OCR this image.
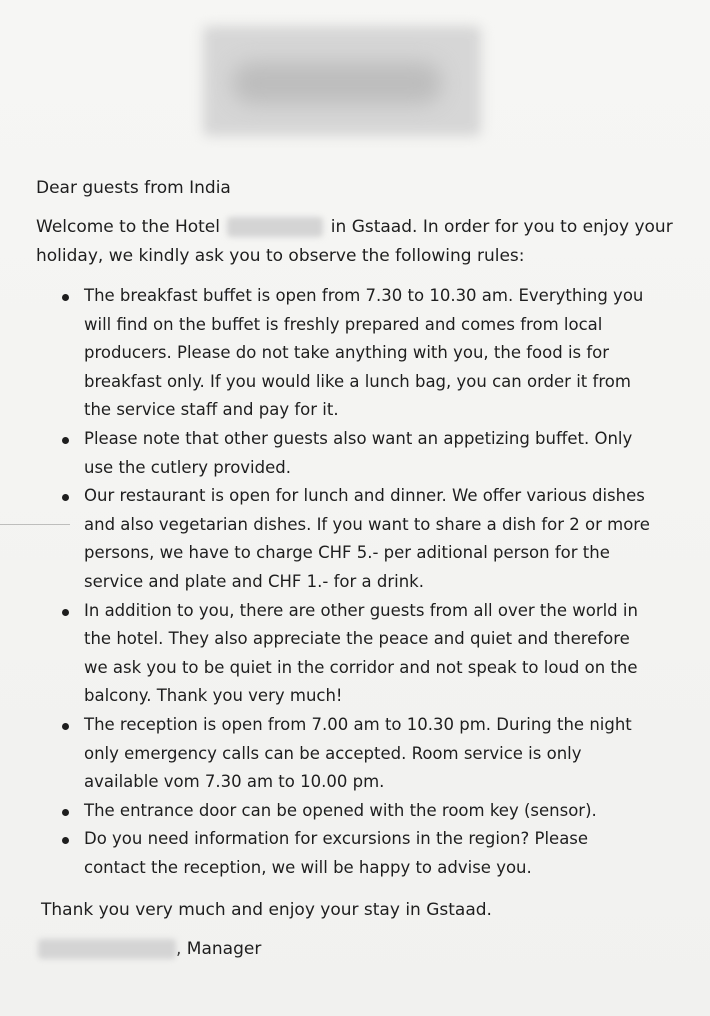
Dear guests from India
Welcome to the Hotel	in Gstaad. In order for you to enjoy your holiday, we kindly ask you to observe the following rules:
The breakfast buffet is open from 7.30 to 10.30 am. Everything you will find on the buffet is freshly prepared and comes from local producers. Please do not take anything with you, the food is for breakfast only. If you would like a lunch bag, you can order it from the service staff and pay for it.
Please note that other guests also want an appetizing buffet. Only use the cutlery provided.
Our restaurant is open for lunch and dinner. We offer various dishes and also vegetarian dishes. If you want to share a dish for 2 or more persons, we have to charge CHF 5.- per aditional person for the service and plate and CHF 1.- for a drink.
In addition to you, there are other guests from all over the world in the hotel. They also appreciate the peace and quiet and therefore we ask you to be quiet in the corridor and not speak to loud on the balcony. Thank you very much!
The reception is open from 7.00 am to 10.30 pm. During the night only emergency calls can be accepted. Room service is only available vom 7.30 am to 10.00 pm.
The entrance door can be opened with the room key (sensor).
Do you need information for excursions in the region? Please contact the reception, we will be happy to advise you.
Thank you very much and enjoy your stay in Gstaad.
, Manager
